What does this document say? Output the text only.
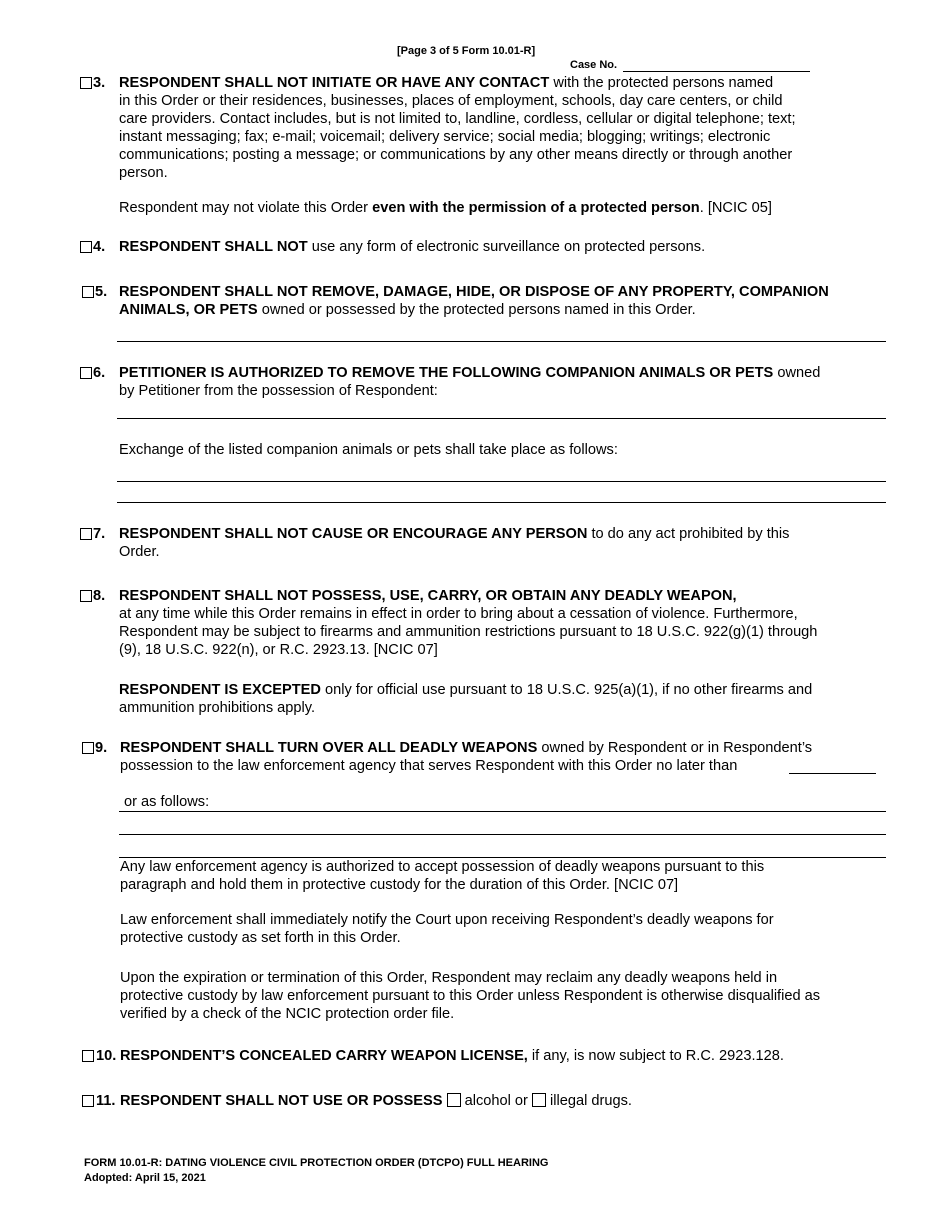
[Page 3 of 5 Form 10.01-R]
Case No.
3. RESPONDENT SHALL NOT INITIATE OR HAVE ANY CONTACT with the protected persons named
in this Order or their residences, businesses, places of employment, schools, day care centers, or child
care providers. Contact includes, but is not limited to, landline, cordless, cellular or digital telephone; text;
instant messaging; fax; e-mail; voicemail; delivery service; social media; blogging; writings; electronic
communications; posting a message; or communications by any other means directly or through another
person.

Respondent may not violate this Order even with the permission of a protected person. [NCIC 05]

4. RESPONDENT SHALL NOT use any form of electronic surveillance on protected persons.

5. RESPONDENT SHALL NOT REMOVE, DAMAGE, HIDE, OR DISPOSE OF ANY PROPERTY, COMPANION
ANIMALS, OR PETS owned or possessed by the protected persons named in this Order.

6. PETITIONER IS AUTHORIZED TO REMOVE THE FOLLOWING COMPANION ANIMALS OR PETS owned
by Petitioner from the possession of Respondent:

Exchange of the listed companion animals or pets shall take place as follows:

7. RESPONDENT SHALL NOT CAUSE OR ENCOURAGE ANY PERSON to do any act prohibited by this
Order.

8. RESPONDENT SHALL NOT POSSESS, USE, CARRY, OR OBTAIN ANY DEADLY WEAPON,
at any time while this Order remains in effect in order to bring about a cessation of violence. Furthermore,
Respondent may be subject to firearms and ammunition restrictions pursuant to 18 U.S.C. 922(g)(1) through
(9), 18 U.S.C. 922(n), or R.C. 2923.13. [NCIC 07]

RESPONDENT IS EXCEPTED only for official use pursuant to 18 U.S.C. 925(a)(1), if no other firearms and
ammunition prohibitions apply.

9. RESPONDENT SHALL TURN OVER ALL DEADLY WEAPONS owned by Respondent or in Respondent’s
possession to the law enforcement agency that serves Respondent with this Order no later than

or as follows:

Any law enforcement agency is authorized to accept possession of deadly weapons pursuant to this
paragraph and hold them in protective custody for the duration of this Order. [NCIC 07]

Law enforcement shall immediately notify the Court upon receiving Respondent’s deadly weapons for
protective custody as set forth in this Order.

Upon the expiration or termination of this Order, Respondent may reclaim any deadly weapons held in
protective custody by law enforcement pursuant to this Order unless Respondent is otherwise disqualified as
verified by a check of the NCIC protection order file.

10. RESPONDENT’S CONCEALED CARRY WEAPON LICENSE, if any, is now subject to R.C. 2923.128.

11. RESPONDENT SHALL NOT USE OR POSSESS alcohol or illegal drugs.

FORM 10.01-R: DATING VIOLENCE CIVIL PROTECTION ORDER (DTCPO) FULL HEARING
Adopted: April 15, 2021
